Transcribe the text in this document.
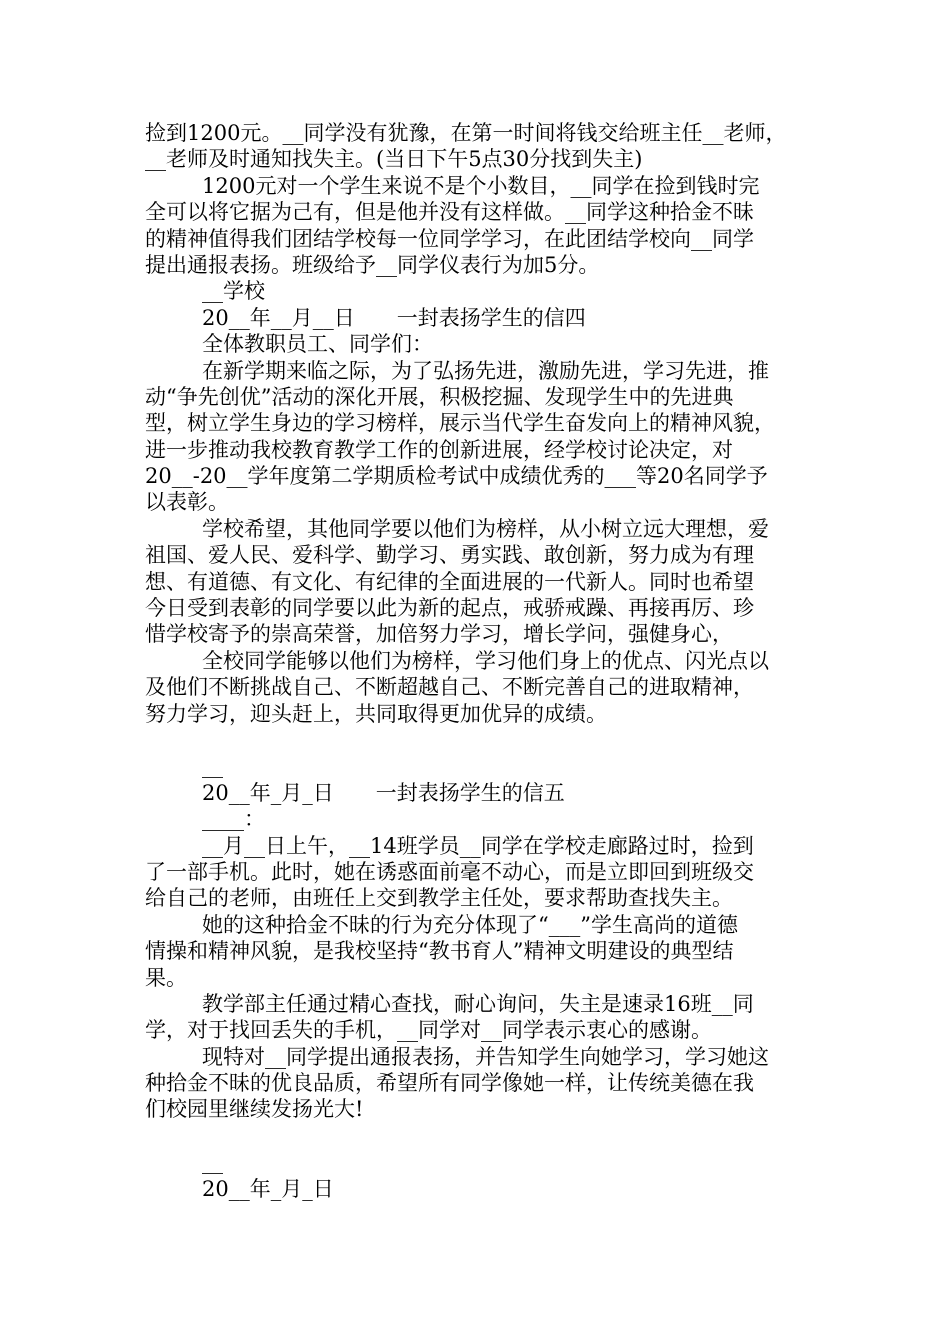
捡到1200元。__同学没有犹豫，在第一时间将钱交给班主任__老师，
__老师及时通知找失主。(当日下午5点30分找到失主)
1200元对一个学生来说不是个小数目，__同学在捡到钱时完
全可以将它据为己有，但是他并没有这样做。__同学这种拾金不昧
的精神值得我们团结学校每一位同学学习，在此团结学校向__同学
提出通报表扬。班级给予__同学仪表行为加5分。
__学校
20__年__月__日　　一封表扬学生的信四
全体教职员工、同学们：
在新学期来临之际，为了弘扬先进，激励先进，学习先进，推
动“争先创优”活动的深化开展，积极挖掘、发现学生中的先进典
型，树立学生身边的学习榜样，展示当代学生奋发向上的精神风貌，
进一步推动我校教育教学工作的创新进展，经学校讨论决定，对
20__-20__学年度第二学期质检考试中成绩优秀的___等20名同学予
以表彰。
学校希望，其他同学要以他们为榜样，从小树立远大理想，爱
祖国、爱人民、爱科学、勤学习、勇实践、敢创新，努力成为有理
想、有道德、有文化、有纪律的全面进展的一代新人。同时也希望
今日受到表彰的同学要以此为新的起点，戒骄戒躁、再接再厉、珍
惜学校寄予的崇高荣誉，加倍努力学习，增长学问，强健身心，
全校同学能够以他们为榜样，学习他们身上的优点、闪光点以
及他们不断挑战自己、不断超越自己、不断完善自己的进取精神，
努力学习，迎头赶上，共同取得更加优异的成绩。
__
20__年_月_日　　一封表扬学生的信五
____：
__月__日上午，__14班学员__同学在学校走廊路过时，捡到
了一部手机。此时，她在诱惑面前毫不动心，而是立即回到班级交
给自己的老师，由班任上交到教学主任处，要求帮助查找失主。
她的这种拾金不昧的行为充分体现了“___”学生高尚的道德
情操和精神风貌，是我校坚持“教书育人”精神文明建设的典型结
果。
教学部主任通过精心查找，耐心询问，失主是速录16班__同
学，对于找回丢失的手机，__同学对__同学表示衷心的感谢。
现特对__同学提出通报表扬，并告知学生向她学习，学习她这
种拾金不昧的优良品质，希望所有同学像她一样，让传统美德在我
们校园里继续发扬光大!
__
20__年_月_日
